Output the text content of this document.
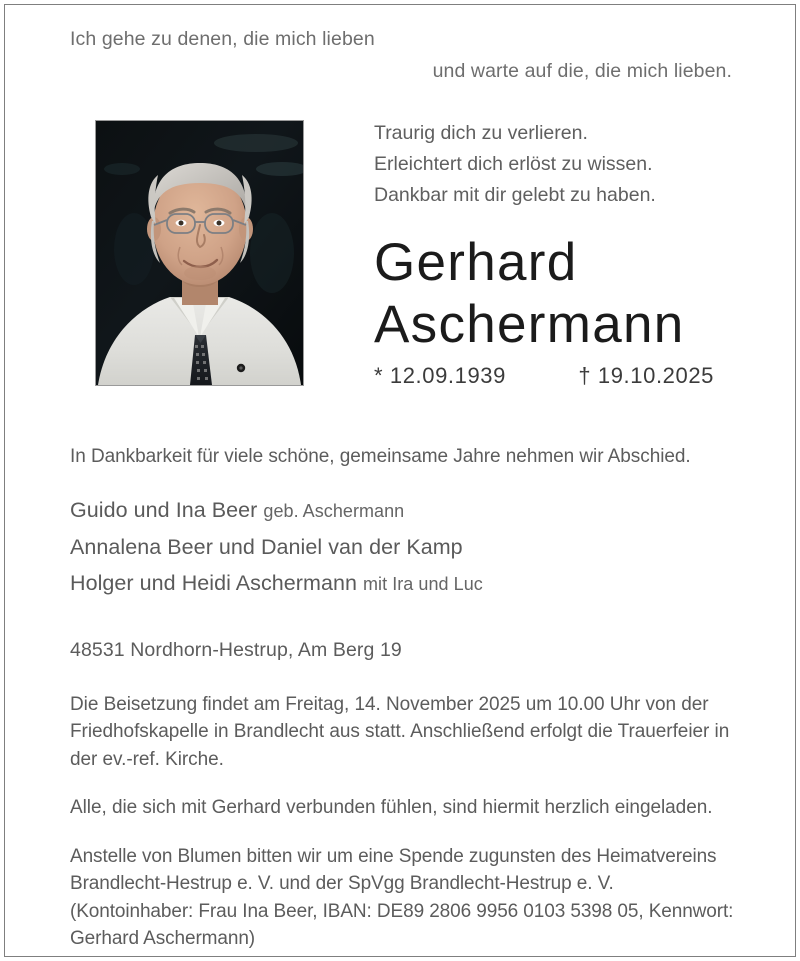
Ich gehe zu denen, die mich lieben
und warte auf die, die mich lieben.
Traurig dich zu verlieren.
Erleichtert dich erlöst zu wissen.
Dankbar mit dir gelebt zu haben.
Gerhard
Aschermann
* 12.09.1939	† 19.10.2025
In Dankbarkeit für viele schöne, gemeinsame Jahre nehmen wir Abschied.
Guido und Ina Beer geb. Aschermann
Annalena Beer und Daniel van der Kamp
Holger und Heidi Aschermann mit Ira und Luc
48531 Nordhorn-Hestrup, Am Berg 19
Die Beisetzung findet am Freitag, 14. November 2025 um 10.00 Uhr von der Friedhofskapelle in Brandlecht aus statt. Anschließend erfolgt die Trauerfeier in der ev.-ref. Kirche.
Alle, die sich mit Gerhard verbunden fühlen, sind hiermit herzlich eingeladen.
Anstelle von Blumen bitten wir um eine Spende zugunsten des Heimatvereins Brandlecht-Hestrup e. V. und der SpVgg Brandlecht-Hestrup e. V.
(Kontoinhaber: Frau Ina Beer, IBAN: DE89 2806 9956 0103 5398 05, Kennwort: Gerhard Aschermann)
